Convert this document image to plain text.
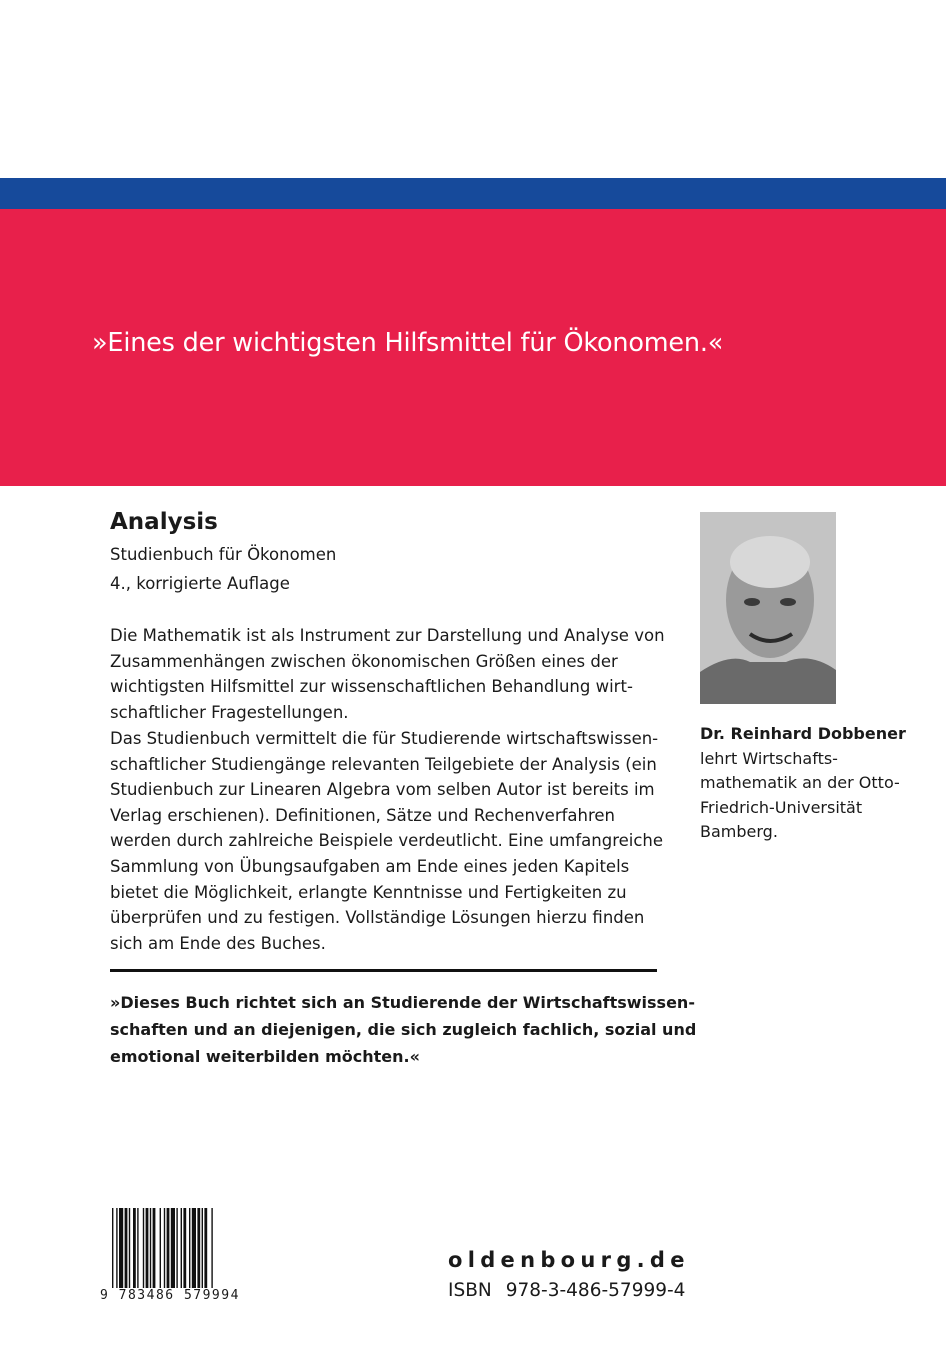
»Eines der wichtigsten Hilfsmittel für Ökonomen.«
Analysis
Studienbuch für Ökonomen
4., korrigierte Auflage
Die Mathematik ist als Instrument zur Darstellung und Analyse von
Zusammenhängen zwischen ökonomischen Größen eines der
wichtigsten Hilfsmittel zur wissenschaftlichen Behandlung wirt-
schaftlicher Fragestellungen.
Das Studienbuch vermittelt die für Studierende wirtschaftswissen-
schaftlicher Studiengänge relevanten Teilgebiete der Analysis (ein
Studienbuch zur Linearen Algebra vom selben Autor ist bereits im
Verlag erschienen). Definitionen, Sätze und Rechenverfahren
werden durch zahlreiche Beispiele verdeutlicht. Eine umfangreiche
Sammlung von Übungsaufgaben am Ende eines jeden Kapitels
bietet die Möglichkeit, erlangte Kenntnisse und Fertigkeiten zu
überprüfen und zu festigen. Vollständige Lösungen hierzu finden
sich am Ende des Buches.
»Dieses Buch richtet sich an Studierende der Wirtschaftswissen-
schaften und an diejenigen, die sich zugleich fachlich, sozial und
emotional weiterbilden möchten.«
Dr. Reinhard Dobbener
lehrt Wirtschafts-
mathematik an der Otto-
Friedrich-Universität
Bamberg.
9 783486 579994
oldenbourg.de
ISBN 978-3-486-57999-4
